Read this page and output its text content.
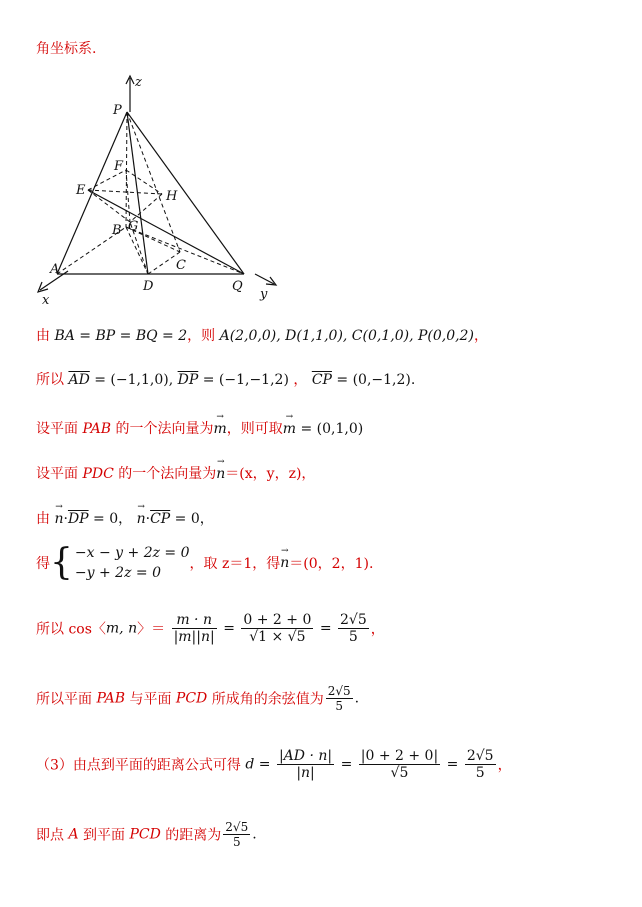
角坐标系.
z
P
F
E	H
B G
C
A
D	Q
x	y
由 BA = BP = BQ = 2，则 A(2,0,0), D(1,1,0), C(0,1,0), P(0,0,2)，
所以 $\overline{AD} = (-1,1,0)$, $\overline{DP} = (-1,-1,2)$ ， $\overline{CP} = (0,-1,2)$.
设平面 PAB 的一个法向量为→ m，则可取→ m = (0,1,0)
设平面 PDC 的一个法向量为→ n＝(x，y，z)，
由 → $n\cdot\overline{DP} = 0$， → $n\cdot\overline{CP} = 0$，
得{ −x − y + 2z = 0
−y + 2z = 0
，取 z＝1，得→ n＝(0，2，1).
所以 cos〈m, n〉＝ $\frac{m \cdot n}{|m||n|} = \frac{0 + 2 + 0}{√1 \times √5} = \frac{2√5}{5}$ ，
所以平面 PAB 与平面 PCD 所成角的余弦值为 $\frac{2√5}{5}$ .
（3）由点到平面的距离公式可得 $d = \frac{|AD \cdot n|}{|n|} = \frac{|0 + 2 + 0|}{√5} = \frac{2√5}{5}$ ，
即点 A 到平面 PCD 的距离为 $\frac{2√5}{5}$ .
